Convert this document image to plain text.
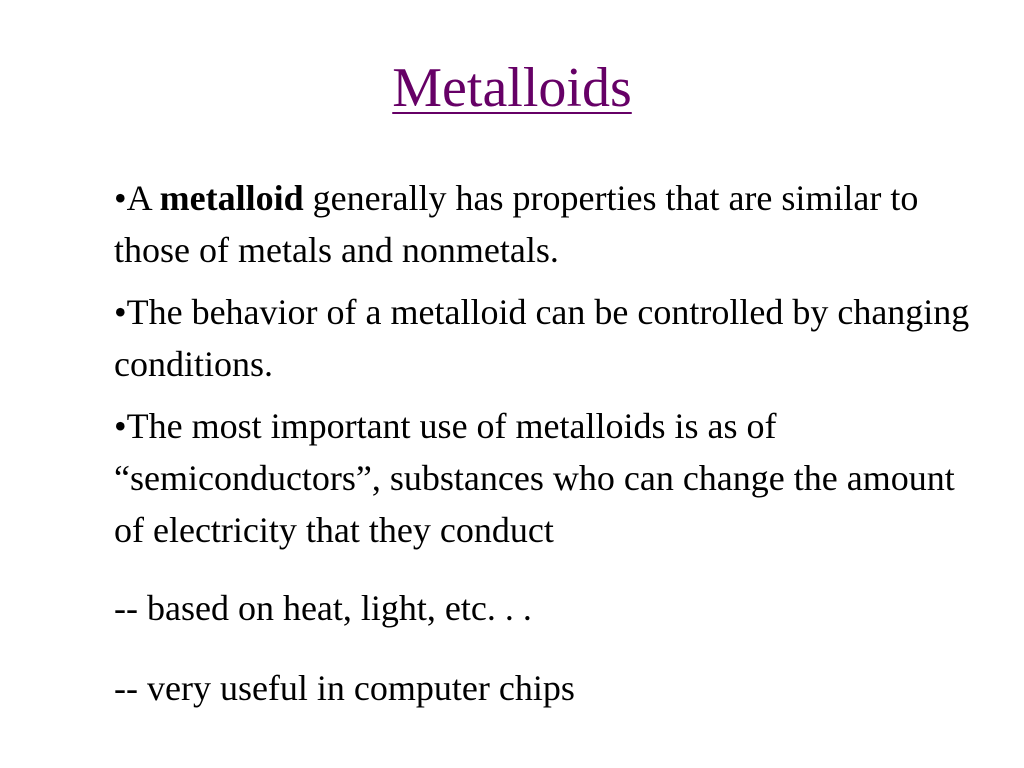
Metalloids

•A metalloid generally has properties that are similar to those of metals and nonmetals.

•The behavior of a metalloid can be controlled by changing conditions.

•The most important use of metalloids is as of “semiconductors”, substances who can change the amount of electricity that they conduct

-- based on heat, light, etc. . .

-- very useful in computer chips
